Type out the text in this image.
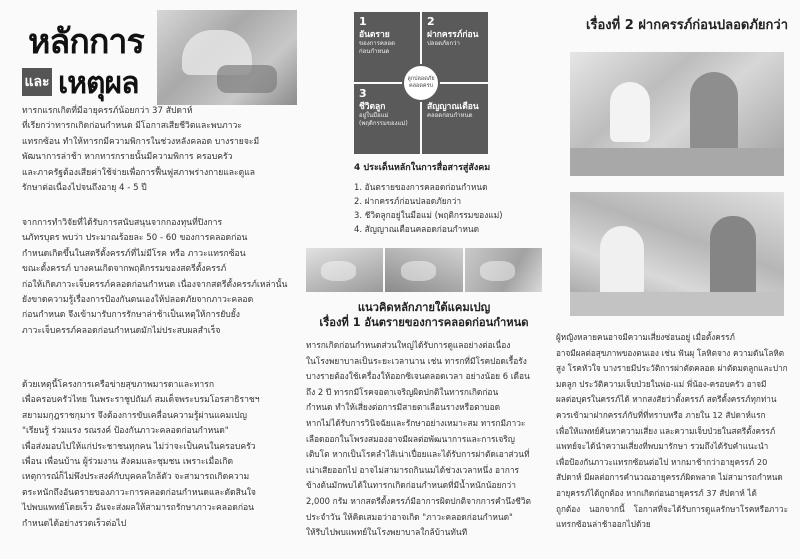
หลักการ
และ เหตุผล

ทารกแรกเกิดที่มีอายุครรภ์น้อยกว่า 37 สัปดาห์
ที่เรียกว่าทารกเกิดก่อนกำหนด มีโอกาสเสียชีวิตและพบภาวะ
แทรกซ้อน ทำให้ทารกมีความพิการในช่วงหลังคลอด บางรายจะมี
พัฒนาการล่าช้า หากทารกรายนั้นมีความพิการ ครอบครัว
และภาครัฐต้องเสียค่าใช้จ่ายเพื่อการฟื้นฟูสภาพร่างกายและดูแล
รักษาต่อเนื่องไปจนถึงอายุ 4 - 5 ปี

จากการทำวิจัยที่ได้รับการสนับสนุนจากกองทุนที่ปิงการ
นภัทรบุตร พบว่า ประมาณร้อยละ 50 - 60 ของการคลอดก่อน
กำหนดเกิดขึ้นในสตรีตั้งครรภ์ที่ไม่มีโรค หรือ ภาวะแทรกซ้อน
ขณะตั้งครรภ์ บางคนเกิดจากพฤติกรรมของสตรีตั้งครรภ์
ก่อให้เกิดภาวะเจ็บครรภ์คลอดก่อนกำหนด เนื่องจากสตรีตั้งครรภ์เหล่านั้น
ยังขาดความรู้เรื่องการป้องกันตนเองให้ปลอดภัยจากภาวะคลอด
ก่อนกำหนด จึงเข้ามารับการรักษาล่าช้าเป็นเหตุให้การยับยั้ง
ภาวะเจ็บครรภ์คลอดก่อนกำหนดมักไม่ประสบผลสำเร็จ

ด้วยเหตุนี้โครงการเครือข่ายสุขภาพมารดาและทารก
เพื่อครอบครัวไทย ในพระราชูปถัมภ์ สมเด็จพระบรมโอรสาธิราชฯ
สยามมกุฎราชกุมาร จึงต้องการขับเคลื่อนความรู้ผ่านแคมเปญ
"เรียนรู้ ร่วมแรง รณรงค์ ป้องกันภาวะคลอดก่อนกำหนด"
เพื่อส่งมอบไปให้แก่ประชาชนทุกคน ไม่ว่าจะเป็นคนในครอบครัว
เพื่อน เพื่อนบ้าน ผู้ร่วมงาน สังคมและชุมชน เพราะเมื่อเกิด
เหตุการณ์ก็ไม่พึงประสงค์กับบุคคลใกล้ตัว จะสามารถเกิดความ
ตระหนักถึงอันตรายของภาวะการคลอดก่อนกำหนดและตัดสินใจ
ไปพบแพทย์โดยเร็ว อันจะส่งผลให้สามารถรักษาภาวะคลอดก่อน
กำหนดได้อย่างรวดเร็วต่อไป

1
อันตราย
ของการคลอด
ก่อนกำหนด
2
ฝากครรภ์ก่อน
ปลอดภัยกว่า
3
ชีวิตลูก
อยู่ในมือแม่
(พฤติกรรมของแม่)
สัญญาณเตือน
คลอดก่อนกำหนด
ลูกปลอดภัย
คลอดครบ
4 ประเด็นหลักในการสื่อสารสู่สังคม
1. อันตรายของการคลอดก่อนกำหนด
2. ฝากครรภ์ก่อนปลอดภัยกว่า
3. ชีวิตลูกอยู่ในมือแม่ (พฤติกรรมของแม่)
4. สัญญาณเตือนคลอดก่อนกำหนด
แนวคิดหลักภายใต้แคมเปญ
เรื่องที่ 1 อันตรายของการคลอดก่อนกำหนด

ทารกเกิดก่อนกำหนดส่วนใหญ่ได้รับการดูแลอย่างต่อเนื่อง
ในโรงพยาบาลเป็นระยะเวลานาน เช่น ทารกที่มีโรคปอดเรื้อรัง
บางรายต้องใช้เครื่องให้ออกซิเจนตลอดเวลา อย่างน้อย 6 เดือน
ถึง 2 ปี ทารกมีโรคจอตาเจริญผิดปกติในทารกเกิดก่อน
กำหนด ทำให้เสี่ยงต่อการมีสายตาเลือนรางหรือตาบอด
หากไม่ได้รับการวินิจฉัยและรักษาอย่างเหมาะสม ทารกมีภาวะ
เลือดออกในโพรงสมองอาจมีผลต่อพัฒนาการและการเจริญ
เติบโต หากเป็นโรคลำไส้เน่าเปื่อยและได้รับการผ่าตัดเอาส่วนที่
เน่าเสียออกไป อาจไม่สามารถกินนมได้ช่วงเวลาหนึ่ง อาการ
ข้างต้นมักพบได้ในทารกเกิดก่อนกำหนดที่มีน้ำหนักน้อยกว่า
2,000 กรัม หากสตรีตั้งครรภ์มีอาการผิดปกติจากการคำนึงชีวิต
ประจำวัน ให้คิดเสมอว่าอาจเกิด "ภาวะคลอดก่อนกำหนด"
ให้รีบไปพบแพทย์ในโรงพยาบาลใกล้บ้านทันที

เรื่องที่ 2 ฝากครรภ์ก่อนปลอดภัยกว่า

ผู้หญิงหลายคนอาจมีความเสี่ยงซ่อนอยู่ เมื่อตั้งครรภ์
อาจมีผลต่อสุขภาพของตนเอง เช่น ฟันผุ โลหิตจาง ความดันโลหิต
สูง โรคหัวใจ บางรายมีประวัติการผ่าตัดคลอด ผ่าตัดมดลูกและปาก
มดลูก ประวัติความเจ็บป่วยในพ่อ-แม่ พี่น้อง-ครอบครัว อาจมี
ผลต่อบุตรในครรภ์ได้ หากสงสัยว่าตั้งครรภ์ สตรีตั้งครรภ์ทุกท่าน
ควรเข้ามาฝากครรภ์กับที่ที่ทราบหรือ ภายใน 12 สัปดาห์แรก
เพื่อให้แพทย์ค้นหาความเสี่ยง และความเจ็บป่วยในสตรีตั้งครรภ์
แพทย์จะได้นำความเสี่ยงที่พบมารักษา รวมถึงได้รับคำแนะนำ
เพื่อป้องกันภาวะแทรกซ้อนต่อไป หากมาช้ากว่าอายุครรภ์ 20
สัปดาห์ มีผลต่อการคำนวณอายุครรภ์ผิดพลาด ไม่สามารถกำหนด
อายุครรภ์ได้ถูกต้อง หากเกิดก่อนอายุครรภ์ 37 สัปดาห์ ได้
ถูกต้อง นอกจากนี้ โอกาสที่จะได้รับการดูแลรักษาโรคหรือภาวะแทรกซ้อนล่าช้าออกไปด้วย
